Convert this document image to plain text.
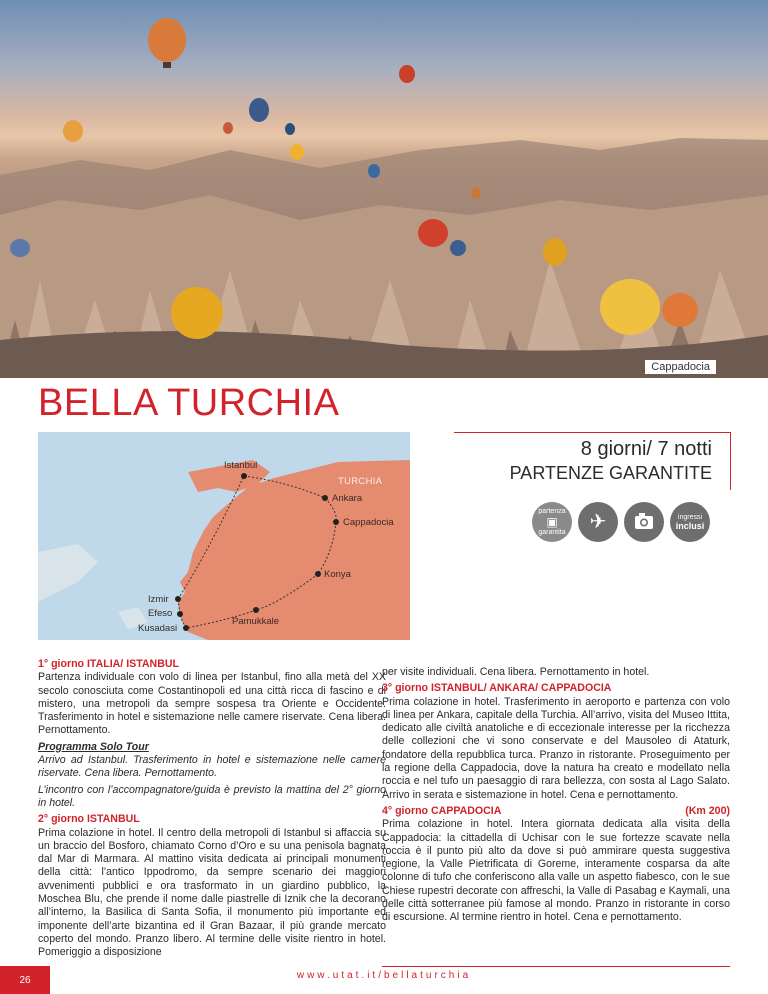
Cappadocia
BELLA TURCHIA
TURCHIA
Istanbul
Ankara
Cappadocia
Konya
Izmir
Efeso
Kusadasi
Pamukkale
8 giorni/ 7 notti
PARTENZE GARANTITE
partenza
▣
garantita	✈	ingressi
inclusi
1° giorno ITALIA/ ISTANBUL
Partenza individuale con volo di linea per Istanbul, fino alla metà del XX secolo conosciuta come Costantinopoli ed una città ricca di fascino e di mistero, una metropoli da sempre sospesa tra Oriente e Occidente. Trasferimento in hotel e sistemazione nelle camere riservate. Cena libera. Pernottamento.
Programma Solo Tour
Arrivo ad Istanbul. Trasferimento in hotel e sistemazione nelle camere riservate. Cena libera. Pernottamento.
L’incontro con l’accompagnatore/guida è previsto la mattina del 2° giorno in hotel.
2° giorno ISTANBUL
Prima colazione in hotel. Il centro della metropoli di Istanbul si affaccia su un braccio del Bosforo, chiamato Corno d’Oro e su una penisola bagnata dal Mar di Marmara. Al mattino visita dedicata ai principali monumenti della città: l’antico Ippodromo, da sempre scenario dei maggiori avvenimenti pubblici e ora trasformato in un giardino pubblico, la Moschea Blu, che prende il nome dalle piastrelle di Iznik che la decorano all’interno, la Basilica di Santa Sofia, il monumento più importante ed imponente dell’arte bizantina ed il Gran Bazaar, il più grande mercato coperto del mondo. Pranzo libero. Al termine delle visite rientro in hotel. Pomeriggio a disposizione
per visite individuali. Cena libera. Pernottamento in hotel.
3° giorno ISTANBUL/ ANKARA/ CAPPADOCIA
Prima colazione in hotel. Trasferimento in aeroporto e partenza con volo di linea per Ankara, capitale della Turchia. All’arrivo, visita del Museo Ittita, dedicato alle civiltà anatoliche e di eccezionale interesse per la ricchezza delle collezioni che vi sono conservate e del Mausoleo di Ataturk, fondatore della repubblica turca. Pranzo in ristorante. Proseguimento per la regione della Cappadocia, dove la natura ha creato e modellato nella roccia e nel tufo un paesaggio di rara bellezza, con sosta al Lago Salato. Arrivo in serata e sistemazione in hotel. Cena e pernottamento.
(Km 200)
4° giorno CAPPADOCIA
Prima colazione in hotel. Intera giornata dedicata alla visita della Cappadocia: la cittadella di Uchisar con le sue fortezze scavate nella roccia è il punto più alto da dove si può ammirare questa suggestiva regione, la Valle Pietrificata di Goreme, interamente cosparsa da alte colonne di tufo che conferiscono alla valle un aspetto fiabesco, con le sue Chiese rupestri decorate con affreschi, la Valle di Pasabag e Kaymali, una delle città sotterranee più famose al mondo. Pranzo in ristorante in corso di escursione. Al termine rientro in hotel. Cena e pernottamento.
26	www.utat.it/bellaturchia
